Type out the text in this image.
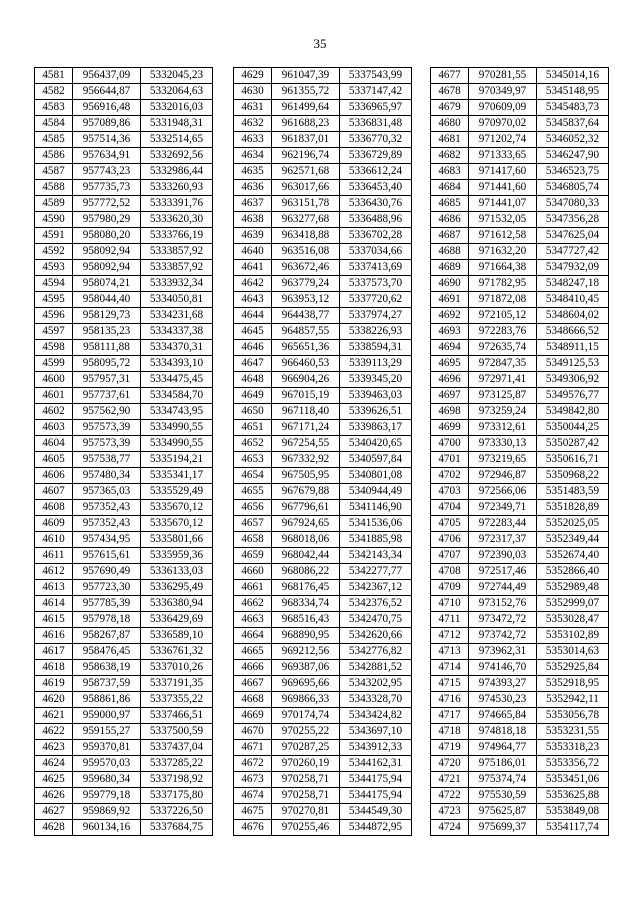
35
4581	956437,09	5332045,23
4582	956644,87	5332064,63
4583	956916,48	5332016,03
4584	957089,86	5331948,31
4585	957514,36	5332514,65
4586	957634,91	5332692,56
4587	957743,23	5332986,44
4588	957735,73	5333260,93
4589	957772,52	5333391,76
4590	957980,29	5333620,30
4591	958080,20	5333766,19
4592	958092,94	5333857,92
4593	958092,94	5333857,92
4594	958074,21	5333932,34
4595	958044,40	5334050,81
4596	958129,73	5334231,68
4597	958135,23	5334337,38
4598	958111,88	5334370,31
4599	958095,72	5334393,10
4600	957957,31	5334475,45
4601	957737,61	5334584,70
4602	957562,90	5334743,95
4603	957573,39	5334990,55
4604	957573,39	5334990,55
4605	957538,77	5335194,21
4606	957480,34	5335341,17
4607	957365,03	5335529,49
4608	957352,43	5335670,12
4609	957352,43	5335670,12
4610	957434,95	5335801,66
4611	957615,61	5335959,36
4612	957690,49	5336133,03
4613	957723,30	5336295,49
4614	957785,39	5336380,94
4615	957978,18	5336429,69
4616	958267,87	5336589,10
4617	958476,45	5336761,32
4618	958638,19	5337010,26
4619	958737,59	5337191,35
4620	958861,86	5337355,22
4621	959000,97	5337466,51
4622	959155,27	5337500,59
4623	959370,81	5337437,04
4624	959570,03	5337285,22
4625	959680,34	5337198,92
4626	959779,18	5337175,80
4627	959869,92	5337226,50
4628	960134,16	5337684,75
4629	961047,39	5337543,99
4630	961355,72	5337147,42
4631	961499,64	5336965,97
4632	961688,23	5336831,48
4633	961837,01	5336770,32
4634	962196,74	5336729,89
4635	962571,68	5336612,24
4636	963017,66	5336453,40
4637	963151,78	5336430,76
4638	963277,68	5336488,96
4639	963418,88	5336702,28
4640	963516,08	5337034,66
4641	963672,46	5337413,69
4642	963779,24	5337573,70
4643	963953,12	5337720,62
4644	964438,77	5337974,27
4645	964857,55	5338226,93
4646	965651,36	5338594,31
4647	966460,53	5339113,29
4648	966904,26	5339345,20
4649	967015,19	5339463,03
4650	967118,40	5339626,51
4651	967171,24	5339863,17
4652	967254,55	5340420,65
4653	967332,92	5340597,84
4654	967505,95	5340801,08
4655	967679,88	5340944,49
4656	967796,61	5341146,90
4657	967924,65	5341536,06
4658	968018,06	5341885,98
4659	968042,44	5342143,34
4660	968086,22	5342277,77
4661	968176,45	5342367,12
4662	968334,74	5342376,52
4663	968516,43	5342470,75
4664	968890,95	5342620,66
4665	969212,56	5342776,82
4666	969387,06	5342881,52
4667	969695,66	5343202,95
4668	969866,33	5343328,70
4669	970174,74	5343424,82
4670	970255,22	5343697,10
4671	970287,25	5343912,33
4672	970260,19	5344162,31
4673	970258,71	5344175,94
4674	970258,71	5344175,94
4675	970270,81	5344549,30
4676	970255,46	5344872,95
4677	970281,55	5345014,16
4678	970349,97	5345148,95
4679	970609,09	5345483,73
4680	970970,02	5345837,64
4681	971202,74	5346052,32
4682	971333,65	5346247,90
4683	971417,60	5346523,75
4684	971441,60	5346805,74
4685	971441,07	5347080,33
4686	971532,05	5347356,28
4687	971612,58	5347625,04
4688	971632,20	5347727,42
4689	971664,38	5347932,09
4690	971782,95	5348247,18
4691	971872,08	5348410,45
4692	972105,12	5348604,02
4693	972283,76	5348666,52
4694	972635,74	5348911,15
4695	972847,35	5349125,53
4696	972971,41	5349306,92
4697	973125,87	5349576,77
4698	973259,24	5349842,80
4699	973312,61	5350044,25
4700	973330,13	5350287,42
4701	973219,65	5350616,71
4702	972946,87	5350968,22
4703	972566,06	5351483,59
4704	972349,71	5351828,89
4705	972283,44	5352025,05
4706	972317,37	5352349,44
4707	972390,03	5352674,40
4708	972517,46	5352866,40
4709	972744,49	5352989,48
4710	973152,76	5352999,07
4711	973472,72	5353028,47
4712	973742,72	5353102,89
4713	973962,31	5353014,63
4714	974146,70	5352925,84
4715	974393,27	5352918,95
4716	974530,23	5352942,11
4717	974665,84	5353056,78
4718	974818,18	5353231,55
4719	974964,77	5353318,23
4720	975186,01	5353356,72
4721	975374,74	5353451,06
4722	975530,59	5353625,88
4723	975625,87	5353849,08
4724	975699,37	5354117,74
